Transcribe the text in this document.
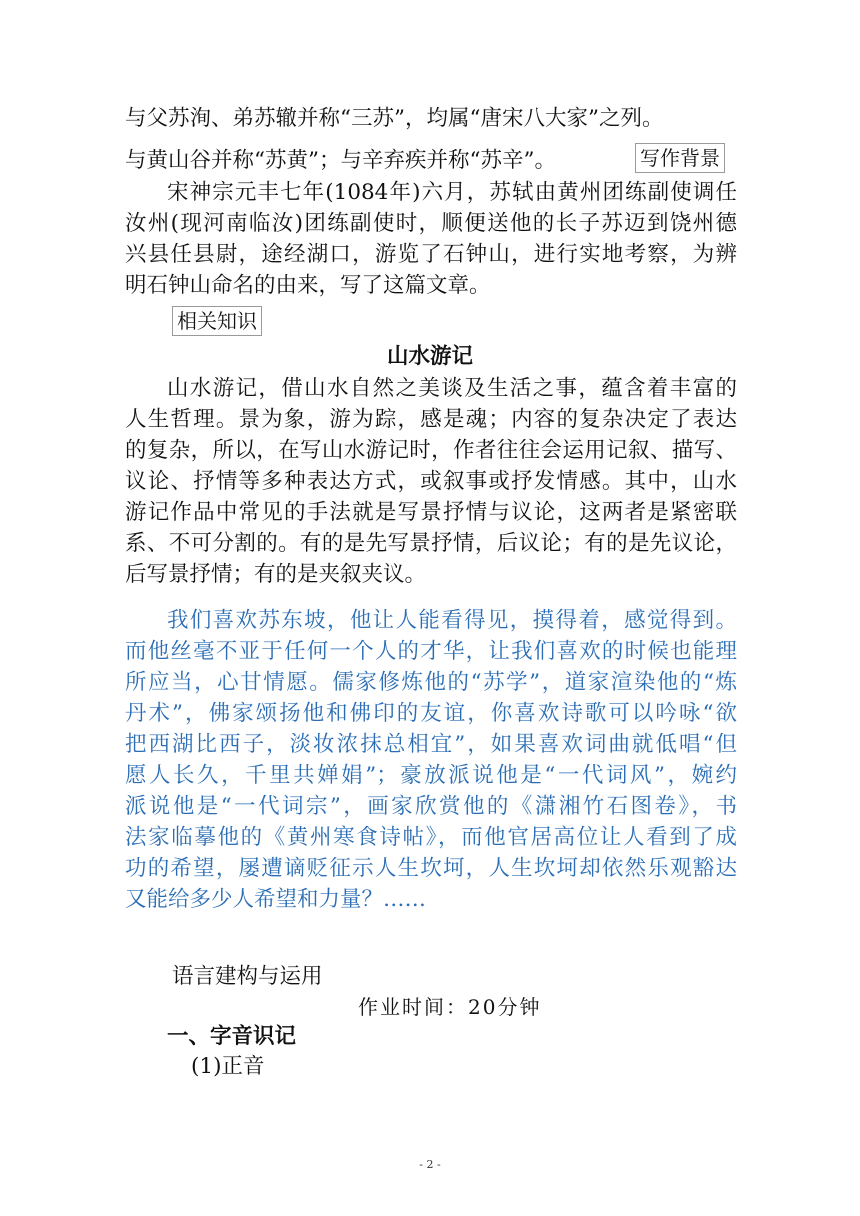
与父苏洵、弟苏辙并称“三苏”，均属“唐宋八大家”之列。
与黄山谷并称“苏黄”；与辛弃疾并称“苏辛”。	写作背景
宋神宗元丰七年(1084年)六月，苏轼由黄州团练副使调任
汝州(现河南临汝)团练副使时，顺便送他的长子苏迈到饶州德
兴县任县尉，途经湖口，游览了石钟山，进行实地考察，为辨
明石钟山命名的由来，写了这篇文章。
相关知识
山水游记
山水游记，借山水自然之美谈及生活之事，蕴含着丰富的
人生哲理。景为象，游为踪，感是魂；内容的复杂决定了表达
的复杂，所以，在写山水游记时，作者往往会运用记叙、描写、
议论、抒情等多种表达方式，或叙事或抒发情感。其中，山水
游记作品中常见的手法就是写景抒情与议论，这两者是紧密联
系、不可分割的。有的是先写景抒情，后议论；有的是先议论，
后写景抒情；有的是夹叙夹议。
我们喜欢苏东坡，他让人能看得见，摸得着，感觉得到。
而他丝毫不亚于任何一个人的才华，让我们喜欢的时候也能理
所应当，心甘情愿。儒家修炼他的“苏学”，道家渲染他的“炼
丹术”，佛家颂扬他和佛印的友谊，你喜欢诗歌可以吟咏“欲
把西湖比西子，淡妆浓抹总相宜”，如果喜欢词曲就低唱“但
愿人长久，千里共婵娟”；豪放派说他是“一代词风”，婉约
派说他是“一代词宗”，画家欣赏他的《潇湘竹石图卷》，书
法家临摹他的《黄州寒食诗帖》，而他官居高位让人看到了成
功的希望，屡遭谪贬征示人生坎坷，人生坎坷却依然乐观豁达
又能给多少人希望和力量？……
语言建构与运用
作业时间：20分钟
一、字音识记
(1)正音
- 2 -
